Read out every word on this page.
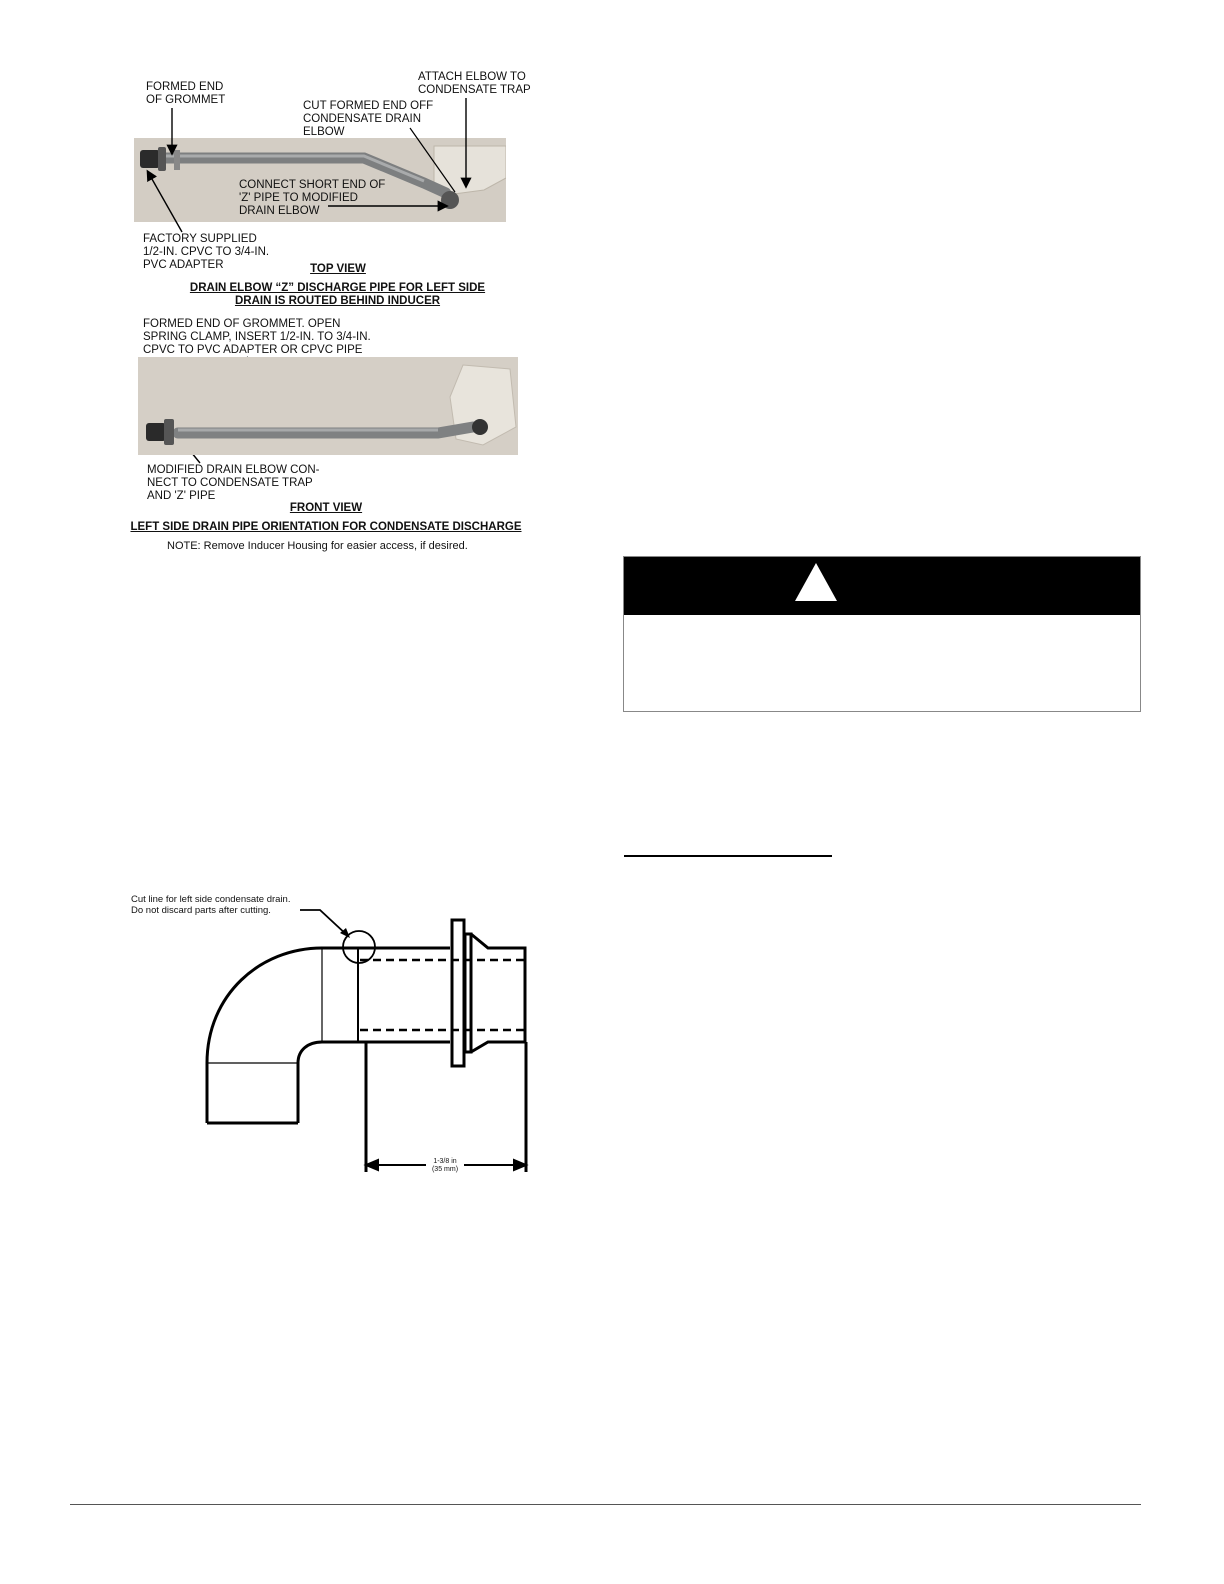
FORMED END
OF GROMMET
ATTACH ELBOW TO
CONDENSATE TRAP
CUT FORMED END OFF
CONDENSATE DRAIN
ELBOW
CONNECT SHORT END OF
'Z' PIPE TO MODIFIED
DRAIN ELBOW
FACTORY SUPPLIED
1/2-IN. CPVC TO 3/4-IN.
PVC ADAPTER	TOP VIEW
DRAIN ELBOW “Z” DISCHARGE PIPE FOR LEFT SIDE
DRAIN IS ROUTED BEHIND INDUCER
FORMED END OF GROMMET. OPEN
SPRING CLAMP, INSERT 1/2-IN. TO 3/4-IN.
CPVC TO PVC ADAPTER OR CPVC PIPE
MODIFIED DRAIN ELBOW CON-
NECT TO CONDENSATE TRAP
AND 'Z' PIPE
FRONT VIEW
LEFT SIDE DRAIN PIPE ORIENTATION FOR CONDENSATE DISCHARGE
NOTE: Remove Inducer Housing for easier access, if desired.
Cut line for left side condensate drain.
Do not discard parts after cutting.
1-3/8 in
(35 mm)
